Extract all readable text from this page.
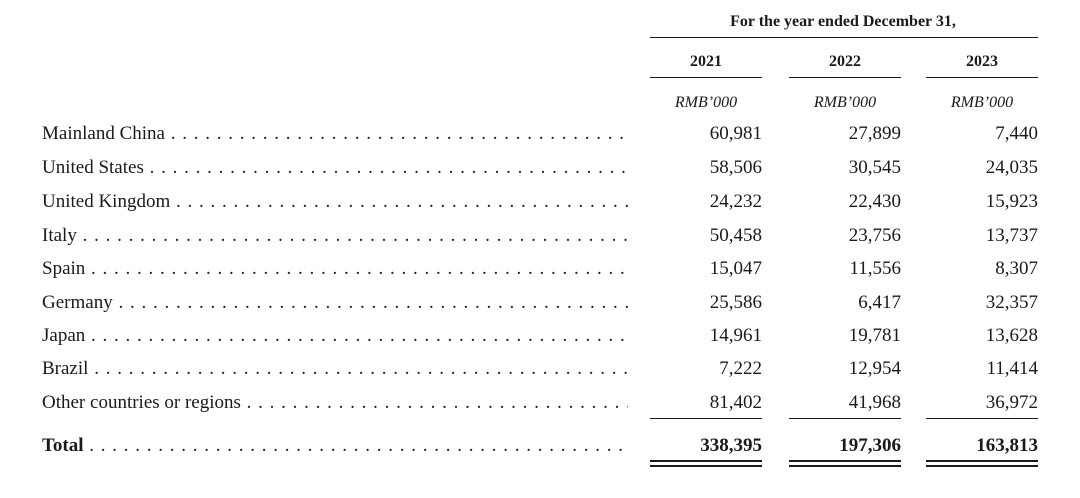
For the year ended December 31,
2021	2022	2023
RMB’000	RMB’000	RMB’000
Mainland China . . .	60,981	27,899	7,440
United States . . .	58,506	30,545	24,035
United Kingdom . . .	24,232	22,430	15,923
Italy . . .	50,458	23,756	13,737
Spain . . .	15,047	11,556	8,307
Germany . . .	25,586	6,417	32,357
Japan . . .	14,961	19,781	13,628
Brazil . . .	7,222	12,954	11,414
Other countries or regions . . .	81,402	41,968	36,972
Total . . .	338,395	197,306	163,813
